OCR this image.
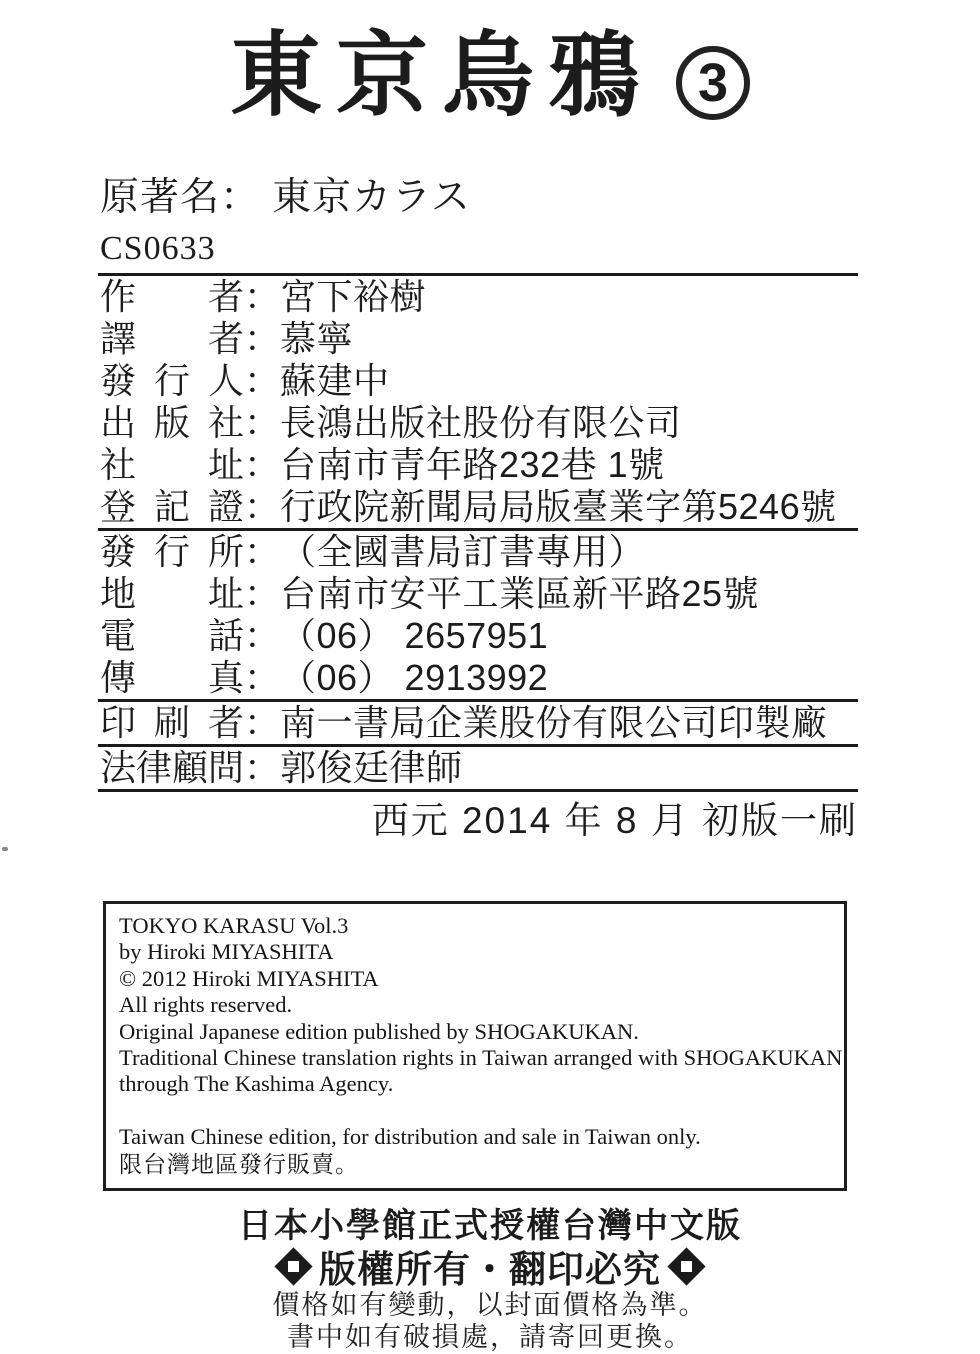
東京烏鴉 3
原著名： 東京カラス
CS0633
作者 ： 宮下裕樹
譯者 ： 慕寧
發行人 ： 蘇建中
出版社 ： 長鴻出版社股份有限公司
社址 ： 台南市青年路232巷 1號
登記證 ： 行政院新聞局局版臺業字第5246號
發行所 ： （全國書局訂書專用）
地址 ： 台南市安平工業區新平路25號
電話 ： （06） 2657951
傳真 ： （06） 2913992
印刷者 ： 南一書局企業股份有限公司印製廠
法律顧問 ： 郭俊廷律師
西元 2014 年 8 月 初版一刷
TOKYO KARASU Vol.3
by Hiroki MIYASHITA
© 2012 Hiroki MIYASHITA
All rights reserved.
Original Japanese edition published by SHOGAKUKAN.
Traditional Chinese translation rights in Taiwan arranged with SHOGAKUKAN
through The Kashima Agency.
Taiwan Chinese edition, for distribution and sale in Taiwan only.
限台灣地區發行販賣。
日本小學館正式授權台灣中文版
版權所有・翻印必究
價格如有變動，以封面價格為準。
書中如有破損處，請寄回更換。
